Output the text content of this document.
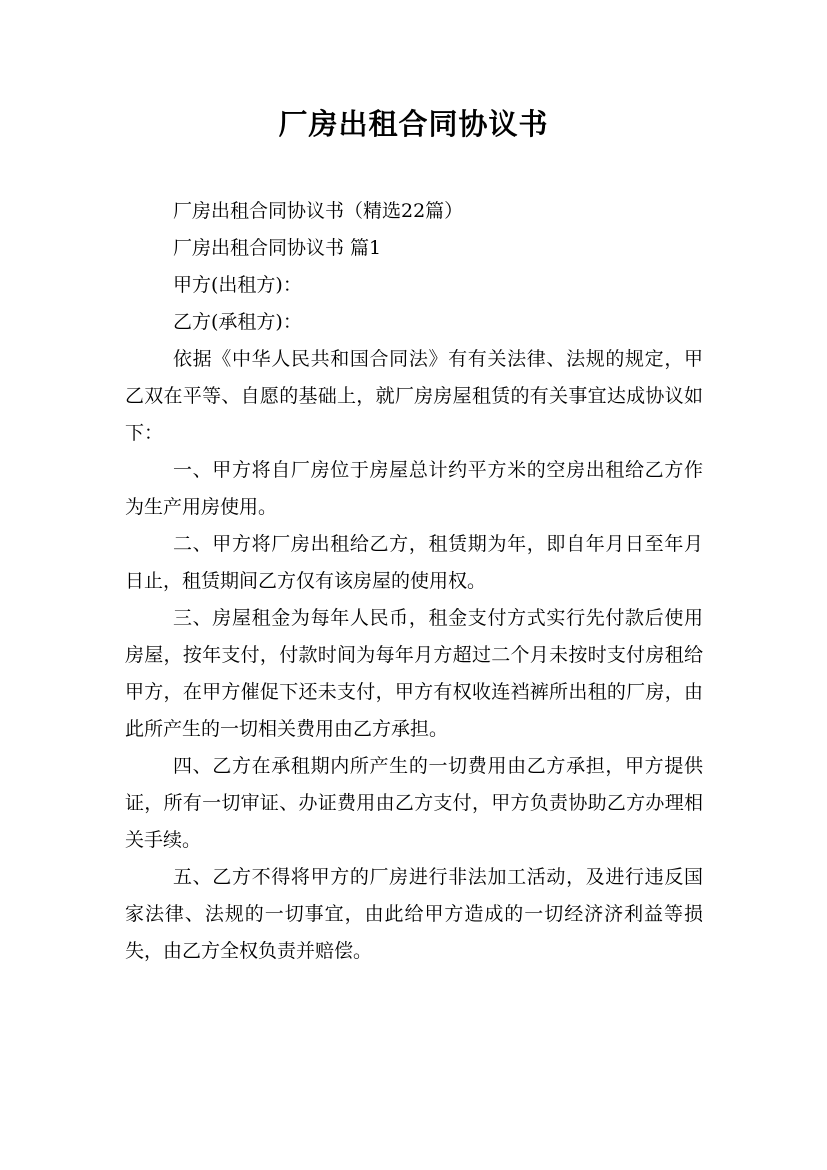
厂房出租合同协议书

厂房出租合同协议书（精选22篇）

厂房出租合同协议书 篇1

甲方(出租方)：

乙方(承租方)：

依据《中华人民共和国合同法》有有关法律、法规的规定，甲乙双在平等、自愿的基础上，就厂房房屋租赁的有关事宜达成协议如下：

一、甲方将自厂房位于房屋总计约平方米的空房出租给乙方作为生产用房使用。

二、甲方将厂房出租给乙方，租赁期为年，即自年月日至年月日止，租赁期间乙方仅有该房屋的使用权。

三、房屋租金为每年人民币，租金支付方式实行先付款后使用房屋，按年支付，付款时间为每年月方超过二个月未按时支付房租给甲方，在甲方催促下还未支付，甲方有权收连裆裤所出租的厂房，由此所产生的一切相关费用由乙方承担。

四、乙方在承租期内所产生的一切费用由乙方承担，甲方提供证，所有一切审证、办证费用由乙方支付，甲方负责协助乙方办理相关手续。

五、乙方不得将甲方的厂房进行非法加工活动，及进行违反国家法律、法规的一切事宜，由此给甲方造成的一切经济济利益等损失，由乙方全权负责并赔偿。
